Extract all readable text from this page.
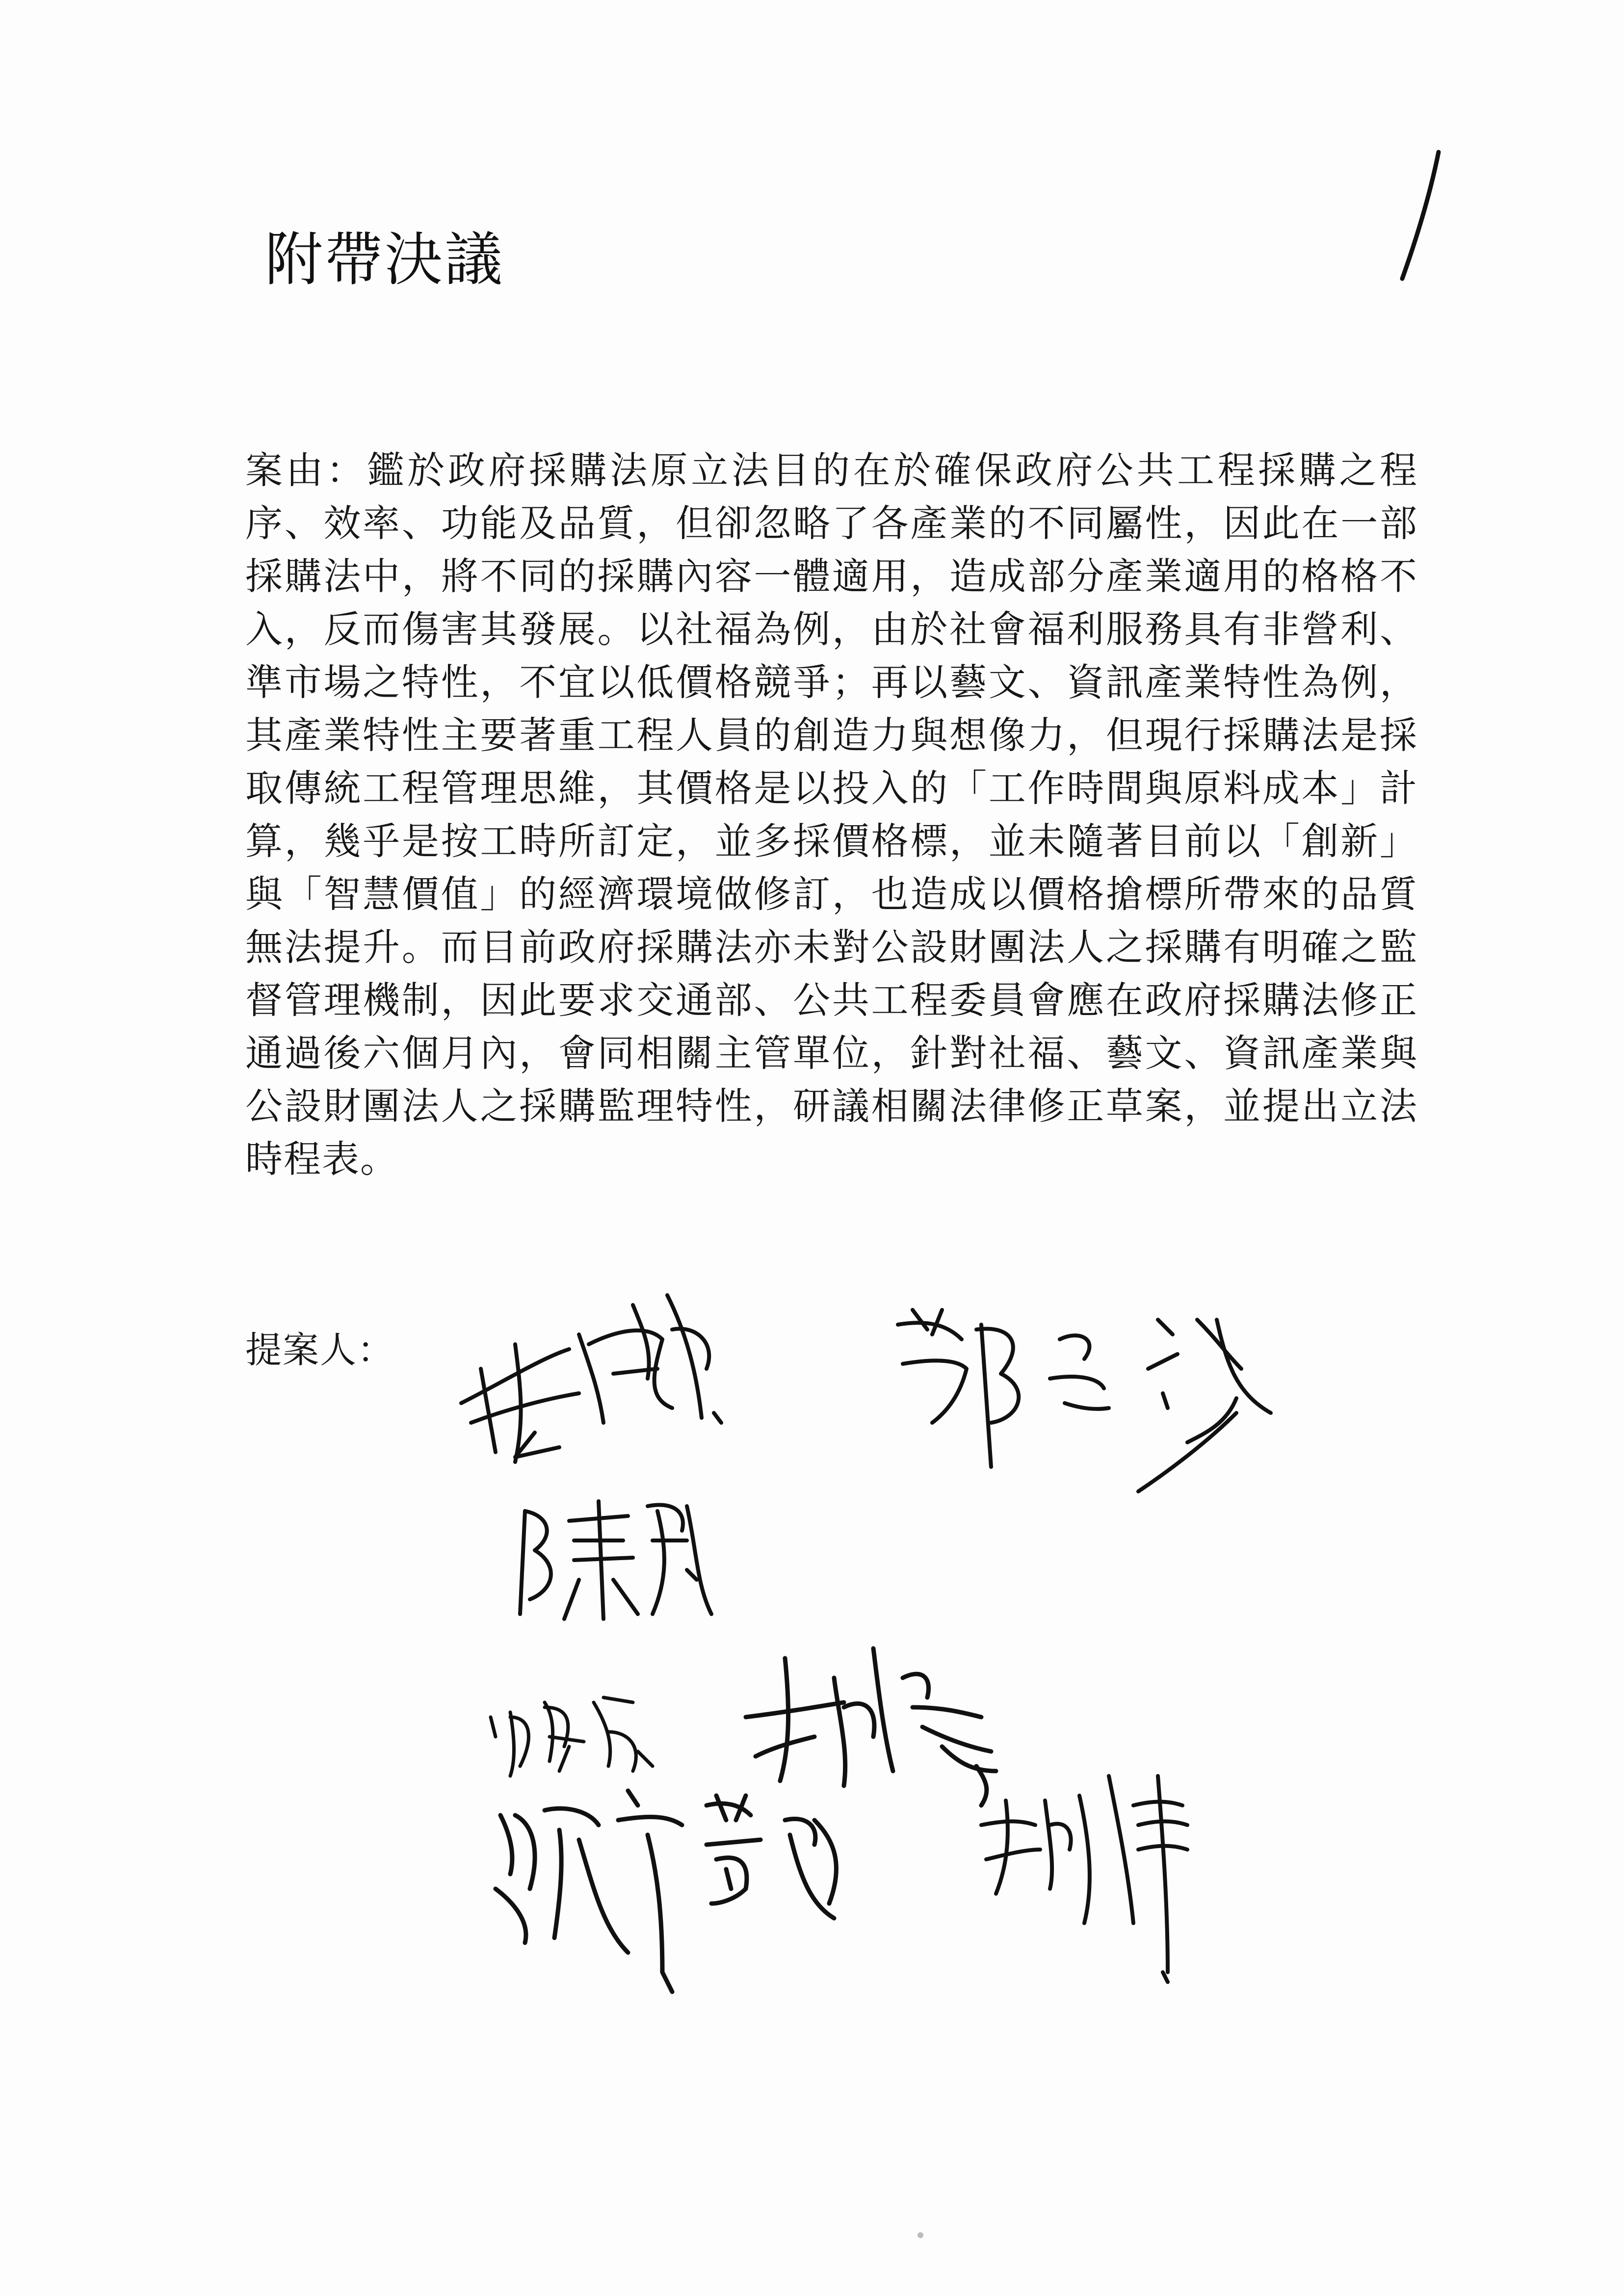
附帶決議
案由：鑑於政府採購法原立法目的在於確保政府公共工程採購之程序、效率、功能及品質，但卻忽略了各產業的不同屬性，因此在一部採購法中，將不同的採購內容一體適用，造成部分產業適用的格格不入，反而傷害其發展。以社福為例，由於社會福利服務具有非營利、準市場之特性，不宜以低價格競爭；再以藝文、資訊產業特性為例，其產業特性主要著重工程人員的創造力與想像力，但現行採購法是採取傳統工程管理思維，其價格是以投入的「工作時間與原料成本」計算，幾乎是按工時所訂定，並多採價格標，並未隨著目前以「創新」與「智慧價值」的經濟環境做修訂，也造成以價格搶標所帶來的品質無法提升。而目前政府採購法亦未對公設財團法人之採購有明確之監督管理機制，因此要求交通部、公共工程委員會應在政府採購法修正通過後六個月內，會同相關主管單位，針對社福、藝文、資訊產業與公設財團法人之採購監理特性，研議相關法律修正草案，並提出立法時程表。
提案人：
